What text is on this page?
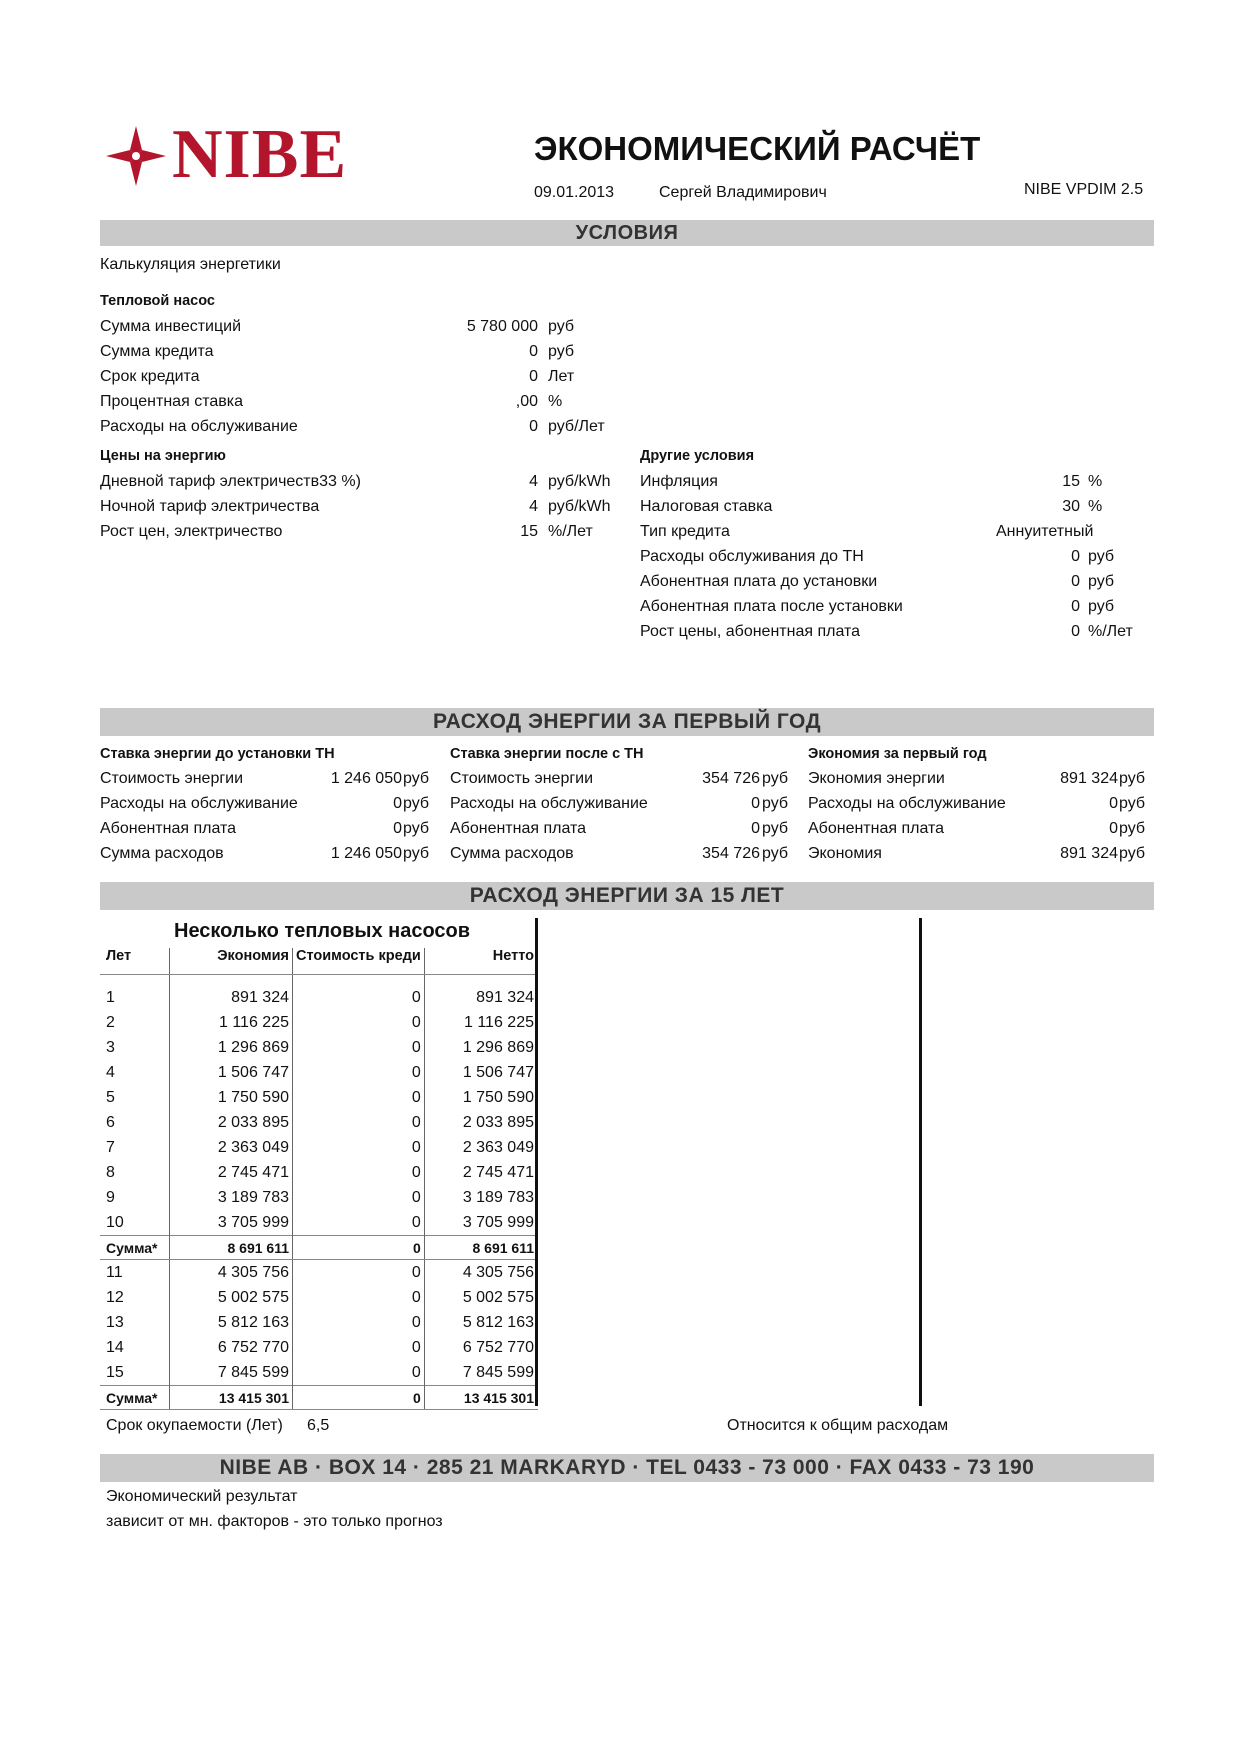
NIBE	ЭКОНОМИЧЕСКИЙ РАСЧЁТ
09.01.2013	Сергей Владимирович	NIBE VPDIM 2.5
УСЛОВИЯ
Калькуляция энергетики
Тепловой насос
Сумма инвестиций	5 780 000 руб
Сумма кредита	0 руб
Срок кредита	0 Лет
Процентная ставка	,00 %
Расходы на обслуживание	0 руб/Лет
Цены на энергию
Дневной тариф электричеств33 %)	4 руб/kWh
Ночной тариф электричества	4 руб/kWh
Рост цен, электричество	15 %/Лет
Другие условия
Инфляция	15 %
Налоговая ставка	30 %
Тип кредита	Аннуитетный
Расходы обслуживания до ТН	0 руб
Абонентная плата до установки	0 руб
Абонентная плата после установки	0 руб
Рост цены, абонентная плата	0 %/Лет
РАСХОД ЭНЕРГИИ ЗА ПЕРВЫЙ ГОД
Ставка энергии до установки ТН
Стоимость энергии	1 246 050 руб
Расходы на обслуживание	0 руб
Абонентная плата	0 руб
Сумма расходов	1 246 050 руб
Ставка энергии после с ТН
Стоимость энергии	354 726 руб
Расходы на обслуживание	0 руб
Абонентная плата	0 руб
Сумма расходов	354 726 руб
Экономия за первый год
Экономия энергии	891 324 руб
Расходы на обслуживание	0 руб
Абонентная плата	0 руб
Экономия	891 324 руб
РАСХОД ЭНЕРГИИ ЗА 15 ЛЕТ
Несколько тепловых насосов
Лет	Экономия	Стоимость креди	Нетто

1	891 324	0	891 324
2	1 116 225	0	1 116 225
3	1 296 869	0	1 296 869
4	1 506 747	0	1 506 747
5	1 750 590	0	1 750 590
6	2 033 895	0	2 033 895
7	2 363 049	0	2 363 049
8	2 745 471	0	2 745 471
9	3 189 783	0	3 189 783
10	3 705 999	0	3 705 999
Сумма*	8 691 611	0	8 691 611
11	4 305 756	0	4 305 756
12	5 002 575	0	5 002 575
13	5 812 163	0	5 812 163
14	6 752 770	0	6 752 770
15	7 845 599	0	7 845 599
Сумма*	13 415 301	0	13 415 301
Срок окупаемости (Лет) 6,5	Относится к общим расходам
NIBE AB · BOX 14 · 285 21 MARKARYD · TEL 0433 - 73 000 · FAX 0433 - 73 190
Экономический результат
зависит от мн. факторов - это только прогноз
